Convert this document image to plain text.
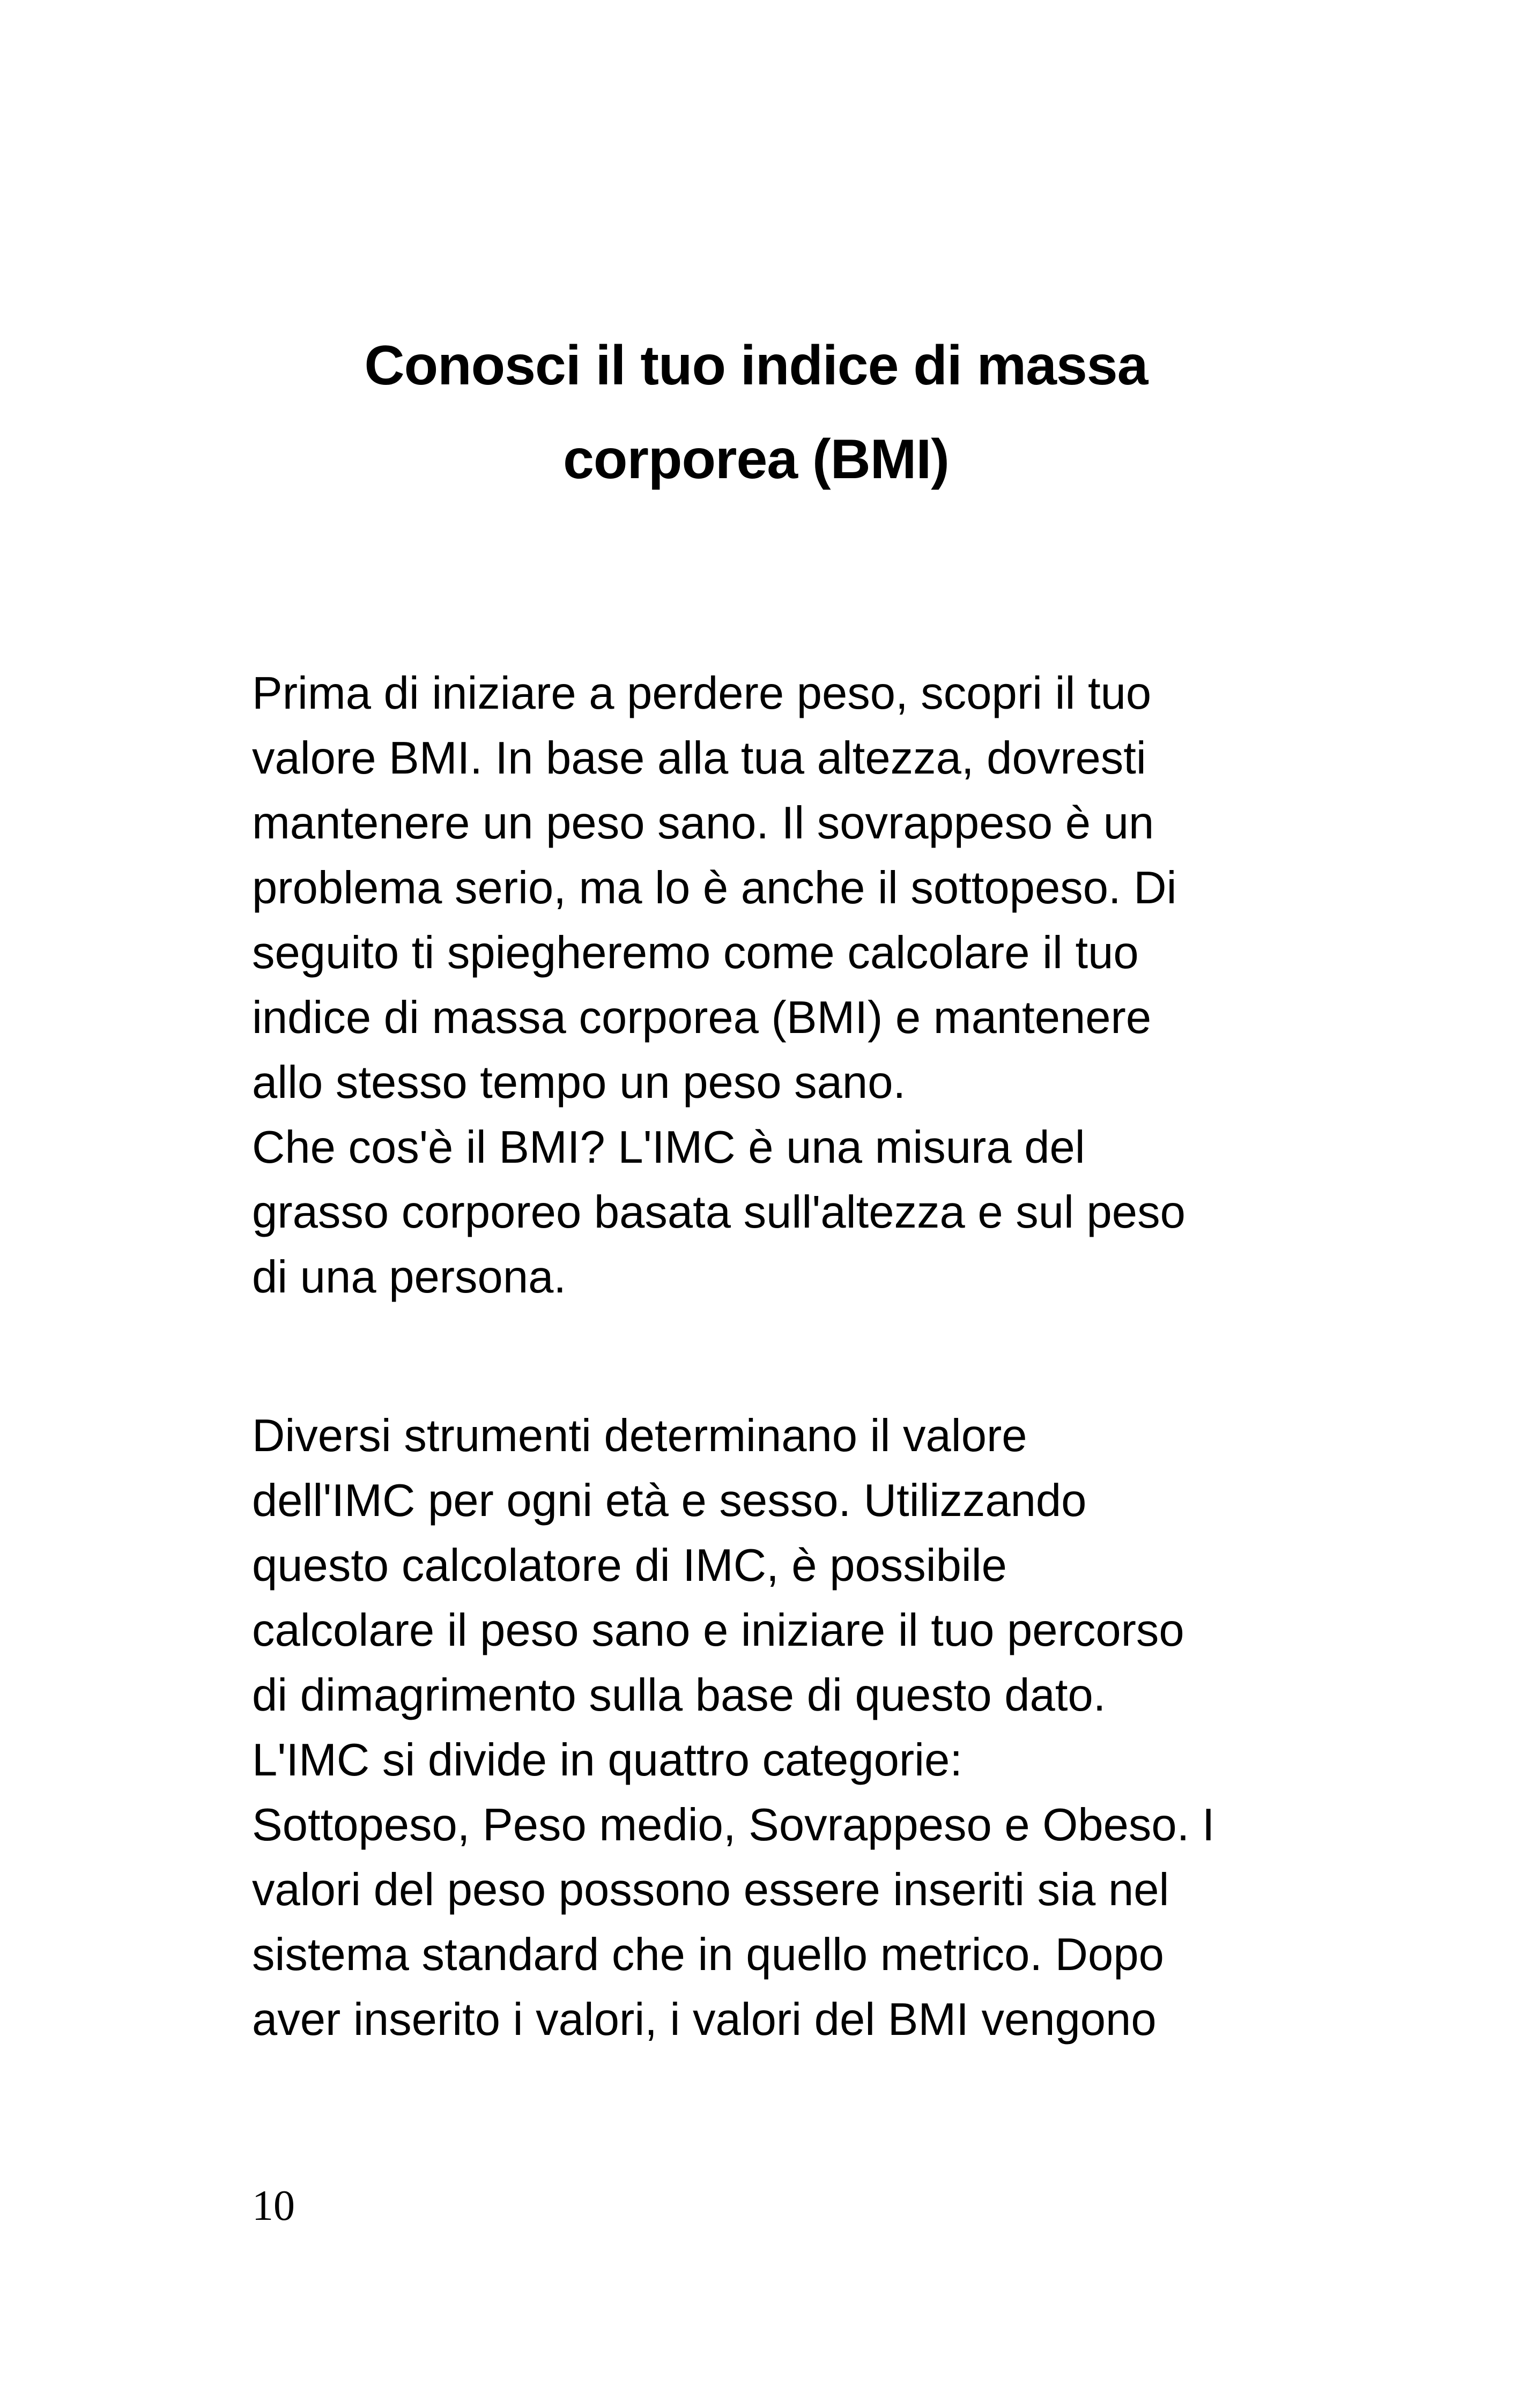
Conosci il tuo indice di massa
corporea (BMI)

Prima di iniziare a perdere peso, scopri il tuo
valore BMI. In base alla tua altezza, dovresti
mantenere un peso sano. Il sovrappeso è un
problema serio, ma lo è anche il sottopeso. Di
seguito ti spiegheremo come calcolare il tuo
indice di massa corporea (BMI) e mantenere
allo stesso tempo un peso sano.
Che cos'è il BMI? L'IMC è una misura del
grasso corporeo basata sull'altezza e sul peso
di una persona.

Diversi strumenti determinano il valore
dell'IMC per ogni età e sesso. Utilizzando
questo calcolatore di IMC, è possibile
calcolare il peso sano e iniziare il tuo percorso
di dimagrimento sulla base di questo dato.
L'IMC si divide in quattro categorie:
Sottopeso, Peso medio, Sovrappeso e Obeso. I
valori del peso possono essere inseriti sia nel
sistema standard che in quello metrico. Dopo
aver inserito i valori, i valori del BMI vengono

10
